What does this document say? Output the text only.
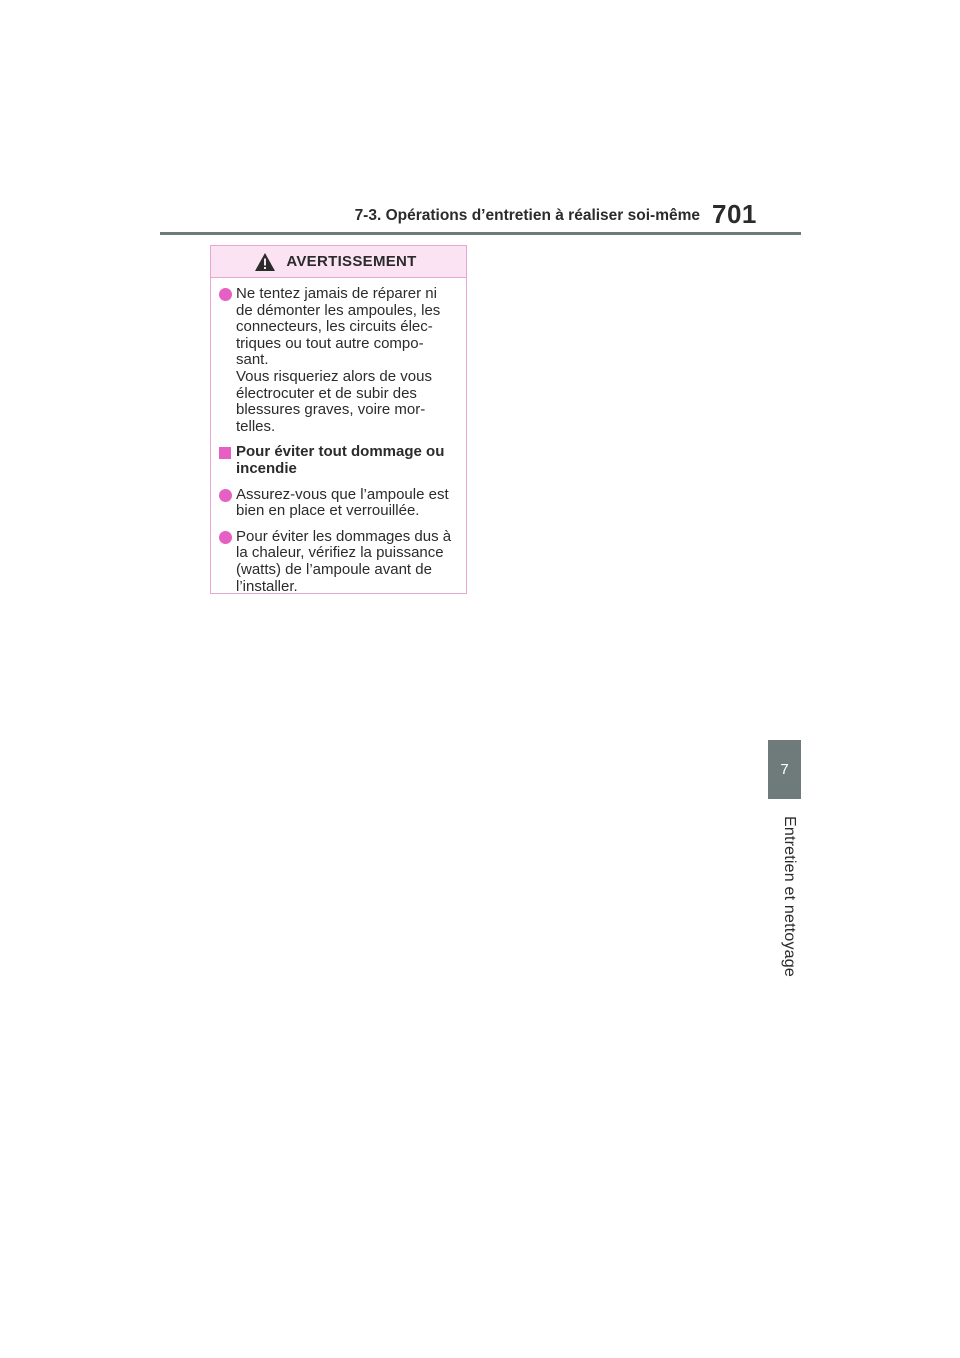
7-3. Opérations d’entretien à réaliser soi-même 701
7
Entretien et nettoyage
AVERTISSEMENT
Ne tentez jamais de réparer ni
de démonter les ampoules, les
connecteurs, les circuits élec-
triques ou tout autre compo-
sant.
Vous risqueriez alors de vous
électrocuter et de subir des
blessures graves, voire mor-
telles.
Pour éviter tout dommage ou
incendie
Assurez-vous que l’ampoule est
bien en place et verrouillée.
Pour éviter les dommages dus à
la chaleur, vérifiez la puissance
(watts) de l’ampoule avant de
l’installer.
